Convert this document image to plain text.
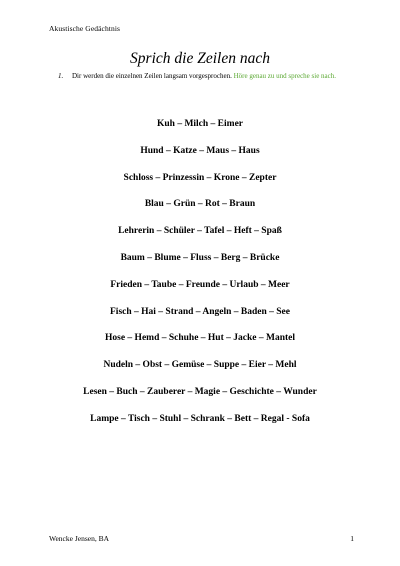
Akustische Gedächtnis
Sprich die Zeilen nach
1. Dir werden die einzelnen Zeilen langsam vorgesprochen. Höre genau zu und spreche sie nach.
Kuh – Milch – Eimer
Hund – Katze – Maus – Haus
Schloss – Prinzessin – Krone – Zepter
Blau – Grün – Rot – Braun
Lehrerin – Schüler – Tafel – Heft – Spaß
Baum – Blume – Fluss – Berg – Brücke
Frieden – Taube – Freunde – Urlaub – Meer
Fisch – Hai – Strand – Angeln – Baden – See
Hose – Hemd – Schuhe – Hut – Jacke – Mantel
Nudeln – Obst – Gemüse – Suppe – Eier – Mehl
Lesen – Buch – Zauberer – Magie – Geschichte – Wunder
Lampe – Tisch – Stuhl – Schrank – Bett – Regal - Sofa
Wencke Jensen, BA	1
